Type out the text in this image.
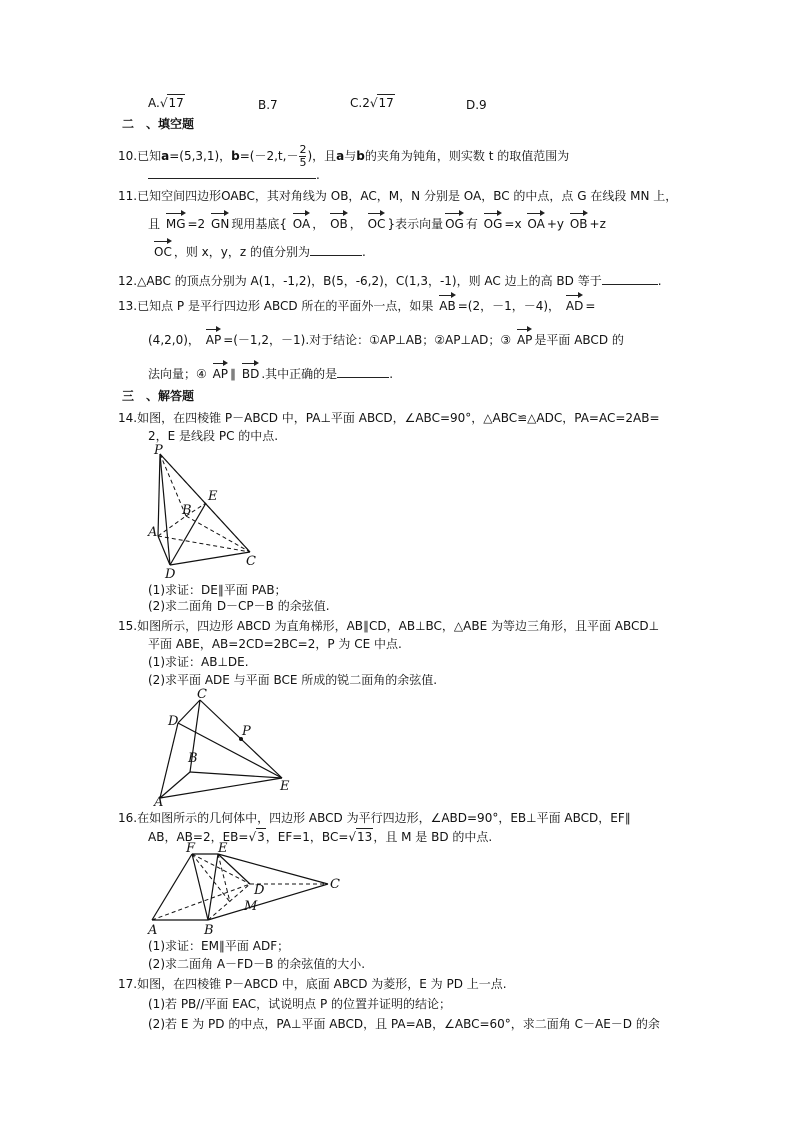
A.√17	B.7	C.2√17	D.9
二　、填空题
10.已知a=(5,3,1)，$b=(-2,t,- \frac{2}{5}$ )，且a与b的夹角为钝角，则实数 t 的取值范围为
.
11.已知空间四边形OABC，其对角线为 OB，AC，M，N 分别是 OA，BC 的中点，点 G 在线段 MN 上，
且 MG =2 GN 现用基底{ OA ， OB ， OC }表示向量 OG 有 OG =x OA +y OB +z
OC ，则 x，y，z 的值分别为	.
12.△ABC 的顶点分别为 A(1，-1,2)，B(5，-6,2)，C(1,3，-1)，则 AC 边上的高 BD 等于	.
13.已知点 P 是平行四边形 ABCD 所在的平面外一点，如果 AB =(2，－1，－4)， AD =
(4,2,0)， AP =(－1,2，－1).对于结论：①AP⊥AB；②AP⊥AD；③ AP 是平面 ABCD 的
法向量；④ AP ∥ BD .其中正确的是	.
三　、解答题
14.如图，在四棱锥 P－ABCD 中，PA⊥平面 ABCD，∠ABC=90°，△ABC≌△ADC，PA=AC=2AB=
2，E 是线段 PC 的中点.
P
E
B
A
D
C
(1)求证：DE∥平面 PAB；
(2)求二面角 D－CP－B 的余弦值.
15.如图所示，四边形 ABCD 为直角梯形，AB∥CD，AB⊥BC，△ABE 为等边三角形，且平面 ABCD⊥
平面 ABE，AB=2CD=2BC=2，P 为 CE 中点.
(1)求证：AB⊥DE.
(2)求平面 ADE 与平面 BCE 所成的锐二面角的余弦值.
C
D
P
B
E
A
16.在如图所示的几何体中，四边形 ABCD 为平行四边形，∠ABD=90°，EB⊥平面 ABCD，EF∥
AB，AB=2，EB=√3，EF=1，BC=√13，且 M 是 BD 的中点.
F E
D	C
M
A	B
(1)求证：EM∥平面 ADF；
(2)求二面角 A－FD－B 的余弦值的大小.
17.如图，在四棱锥 P－ABCD 中，底面 ABCD 为菱形，E 为 PD 上一点.
(1)若 PB//平面 EAC，试说明点 P 的位置并证明的结论；
(2)若 E 为 PD 的中点，PA⊥平面 ABCD，且 PA=AB，∠ABC=60°，求二面角 C－AE－D 的余
